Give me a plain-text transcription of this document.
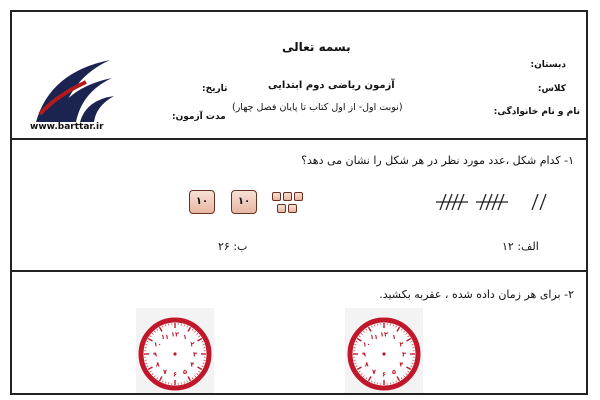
بسمه تعالی
www.barttar.ir
آزمون ریاضی دوم ابتدایی
(نوبت اول- از اول کتاب تا پایان فصل چهار)
دبستان:
کلاس:
نام و نام خانوادگی:
تاریخ:
مدت آزمون:
۱- کدام شکل ،عدد مورد نظر در هر شکل را نشان می دهد؟
۱۰	۱۰
الف: ۱۲
ب: ۲۶
۲- برای هر زمان داده شده ، عقربه بکشید.
۱۲ ۱
۲
۳
۴
۵
۶
۷
۸
۹
۱۰
۱۱	۱۲ ۱
۲
۳
۴
۵
۶
۷
۸
۹
۱۰
۱۱
